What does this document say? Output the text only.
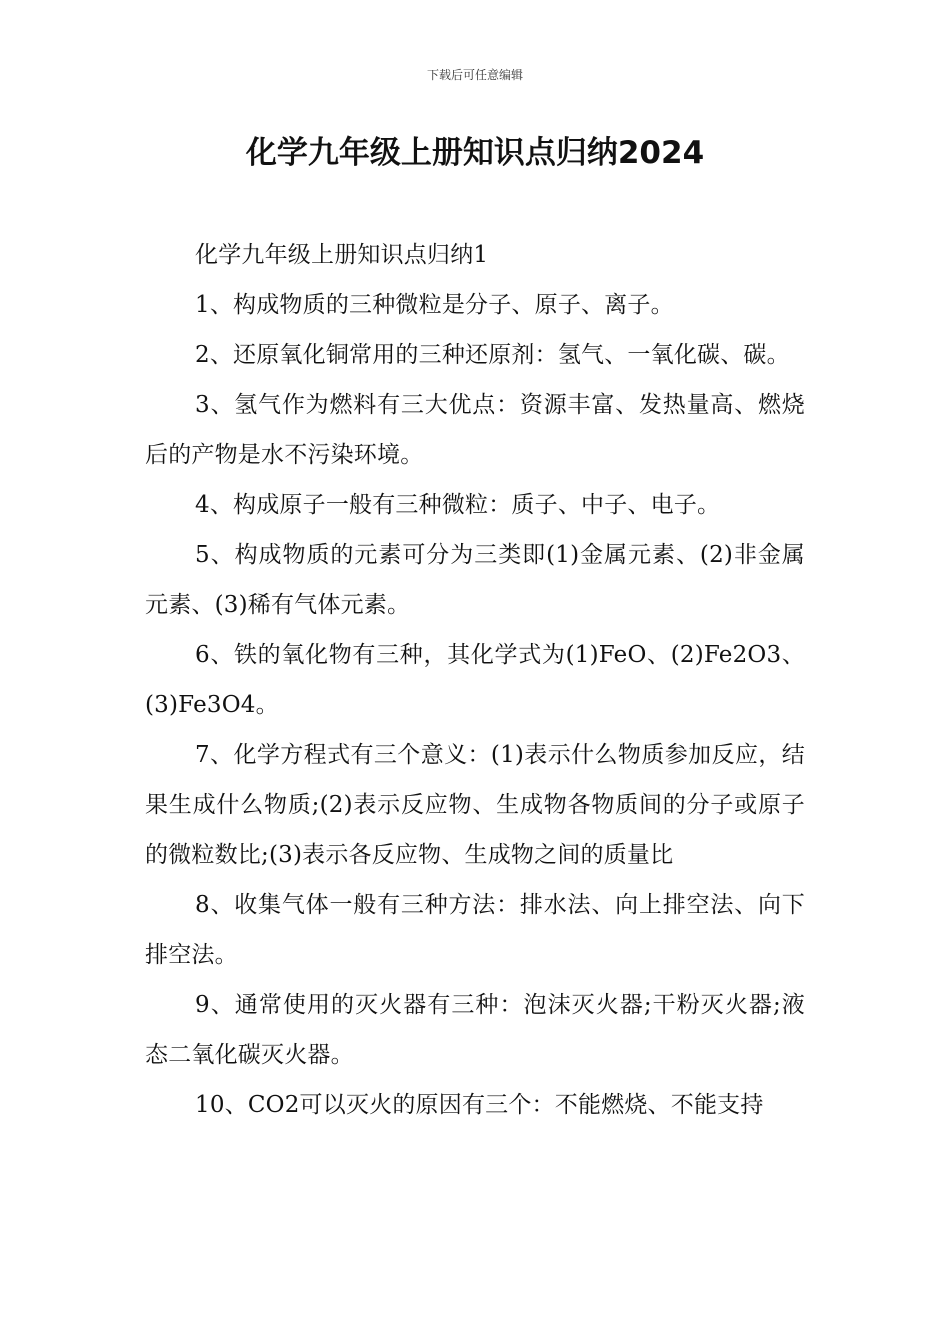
下载后可任意编辑
化学九年级上册知识点归纳2024

化学九年级上册知识点归纳1

1、构成物质的三种微粒是分子、原子、离子。

2、还原氧化铜常用的三种还原剂：氢气、一氧化碳、碳。

3、氢气作为燃料有三大优点：资源丰富、发热量高、燃烧后的产物是水不污染环境。

4、构成原子一般有三种微粒：质子、中子、电子。

5、构成物质的元素可分为三类即(1)金属元素、(2)非金属元素、(3)稀有气体元素。

6、铁的氧化物有三种，其化学式为(1)FeO、(2)Fe2O3、(3)Fe3O4。

7、化学方程式有三个意义：(1)表示什么物质参加反应，结果生成什么物质;(2)表示反应物、生成物各物质间的分子或原子的微粒数比;(3)表示各反应物、生成物之间的质量比

8、收集气体一般有三种方法：排水法、向上排空法、向下排空法。

9、通常使用的灭火器有三种：泡沫灭火器;干粉灭火器;液态二氧化碳灭火器。

10、CO2可以灭火的原因有三个：不能燃烧、不能支持
